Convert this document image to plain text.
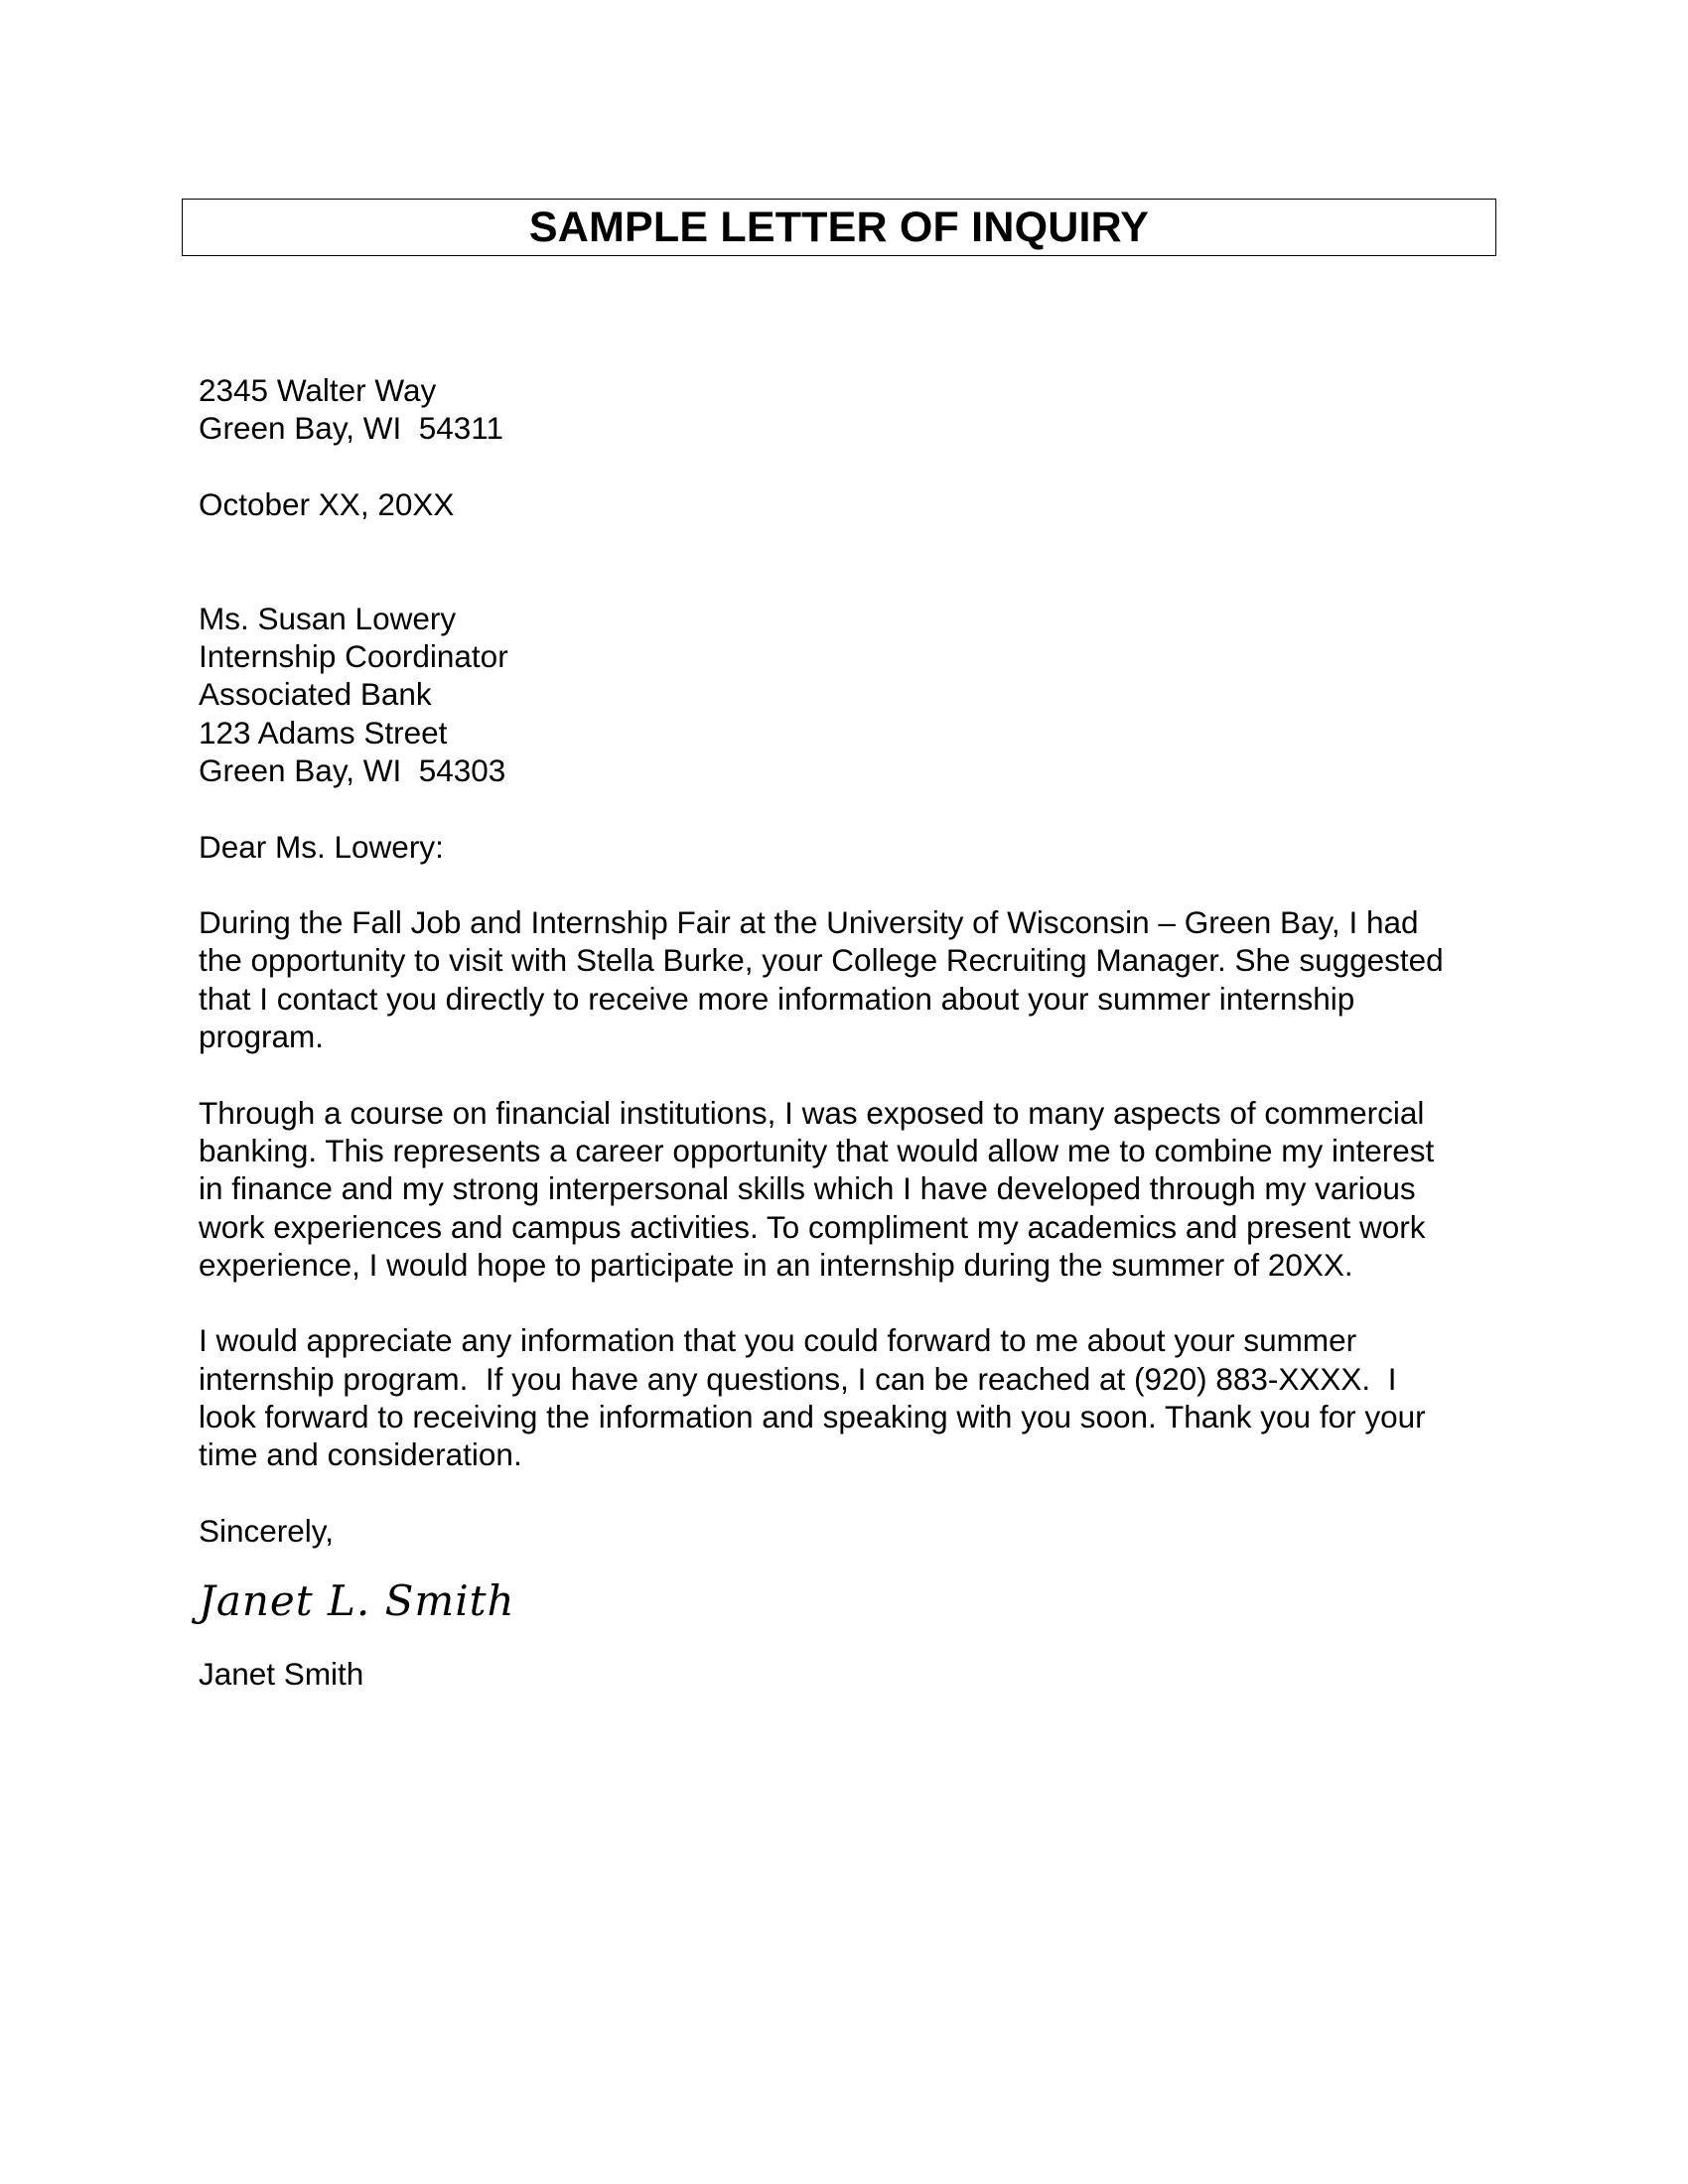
SAMPLE LETTER OF INQUIRY
2345 Walter Way
Green Bay, WI  54311
October XX, 20XX
Ms. Susan Lowery
Internship Coordinator
Associated Bank
123 Adams Street
Green Bay, WI  54303
Dear Ms. Lowery:
During the Fall Job and Internship Fair at the University of Wisconsin – Green Bay, I had
the opportunity to visit with Stella Burke, your College Recruiting Manager. She suggested
that I contact you directly to receive more information about your summer internship
program.
Through a course on financial institutions, I was exposed to many aspects of commercial
banking. This represents a career opportunity that would allow me to combine my interest
in finance and my strong interpersonal skills which I have developed through my various
work experiences and campus activities. To compliment my academics and present work
experience, I would hope to participate in an internship during the summer of 20XX.
I would appreciate any information that you could forward to me about your summer
internship program.  If you have any questions, I can be reached at (920) 883-XXXX.  I
look forward to receiving the information and speaking with you soon. Thank you for your
time and consideration.
Sincerely,
Janet L. Smith
Janet Smith
